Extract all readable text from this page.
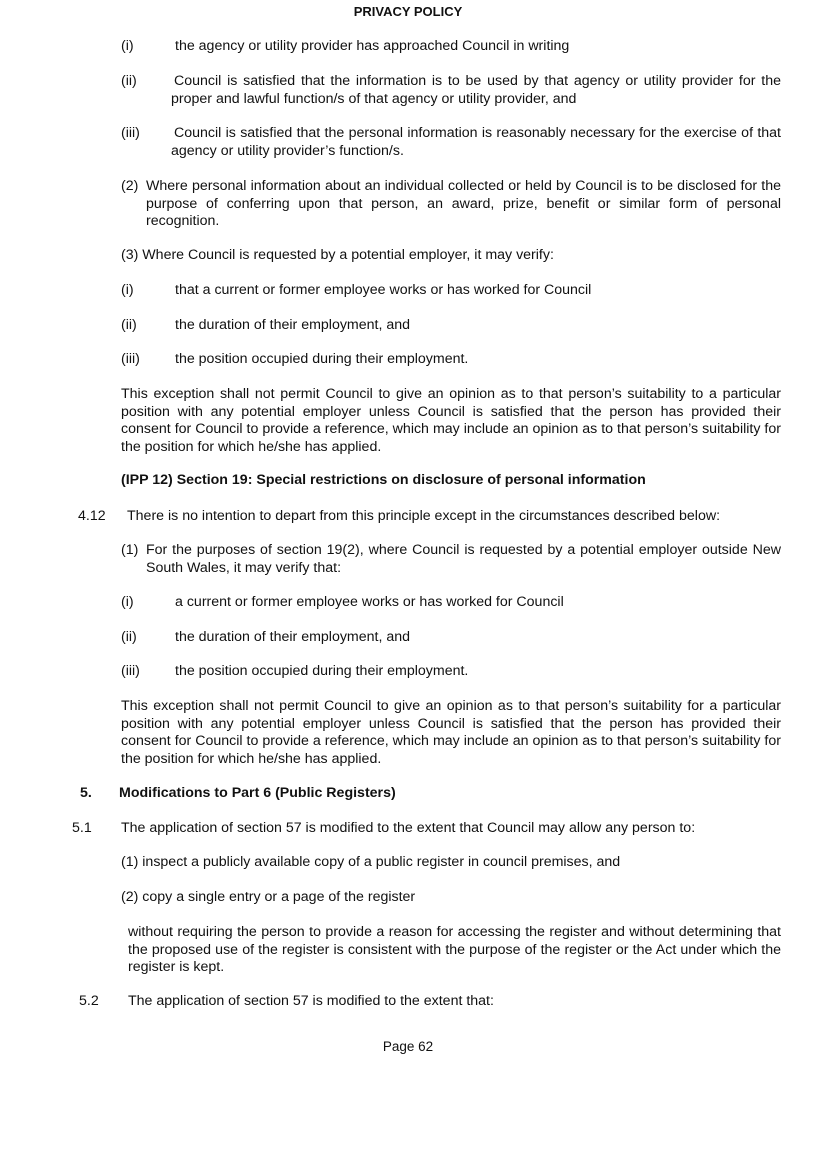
PRIVACY POLICY
(i)	the agency or utility provider has approached Council in writing
(ii)	Council is satisfied that the information is to be used by that agency or utility provider for the proper and lawful function/s of that agency or utility provider, and
(iii) Council is satisfied that the personal information is reasonably necessary for the exercise of that agency or utility provider’s function/s.
(2) Where personal information about an individual collected or held by Council is to be disclosed for the purpose of conferring upon that person, an award, prize, benefit or similar form of personal recognition.
(3) Where Council is requested by a potential employer, it may verify:
(i)	that a current or former employee works or has worked for Council
(ii)	the duration of their employment, and
(iii) the position occupied during their employment.
This exception shall not permit Council to give an opinion as to that person’s suitability to a particular position with any potential employer unless Council is satisfied that the person has provided their consent for Council to provide a reference, which may include an opinion as to that person’s suitability for the position for which he/she has applied.
(IPP 12) Section 19: Special restrictions on disclosure of personal information
4.12 There is no intention to depart from this principle except in the circumstances described below:
(1) For the purposes of section 19(2), where Council is requested by a potential employer outside New South Wales, it may verify that:
(i)	a current or former employee works or has worked for Council
(ii)	the duration of their employment, and
(iii) the position occupied during their employment.
This exception shall not permit Council to give an opinion as to that person’s suitability for a particular position with any potential employer unless Council is satisfied that the person has provided their consent for Council to provide a reference, which may include an opinion as to that person’s suitability for the position for which he/she has applied.
5. Modifications to Part 6 (Public Registers)
5.1 The application of section 57 is modified to the extent that Council may allow any person to:
(1) inspect a publicly available copy of a public register in council premises, and
(2) copy a single entry or a page of the register
without requiring the person to provide a reason for accessing the register and without determining that the proposed use of the register is consistent with the purpose of the register or the Act under which the register is kept.
5.2 The application of section 57 is modified to the extent that:
Page 62
